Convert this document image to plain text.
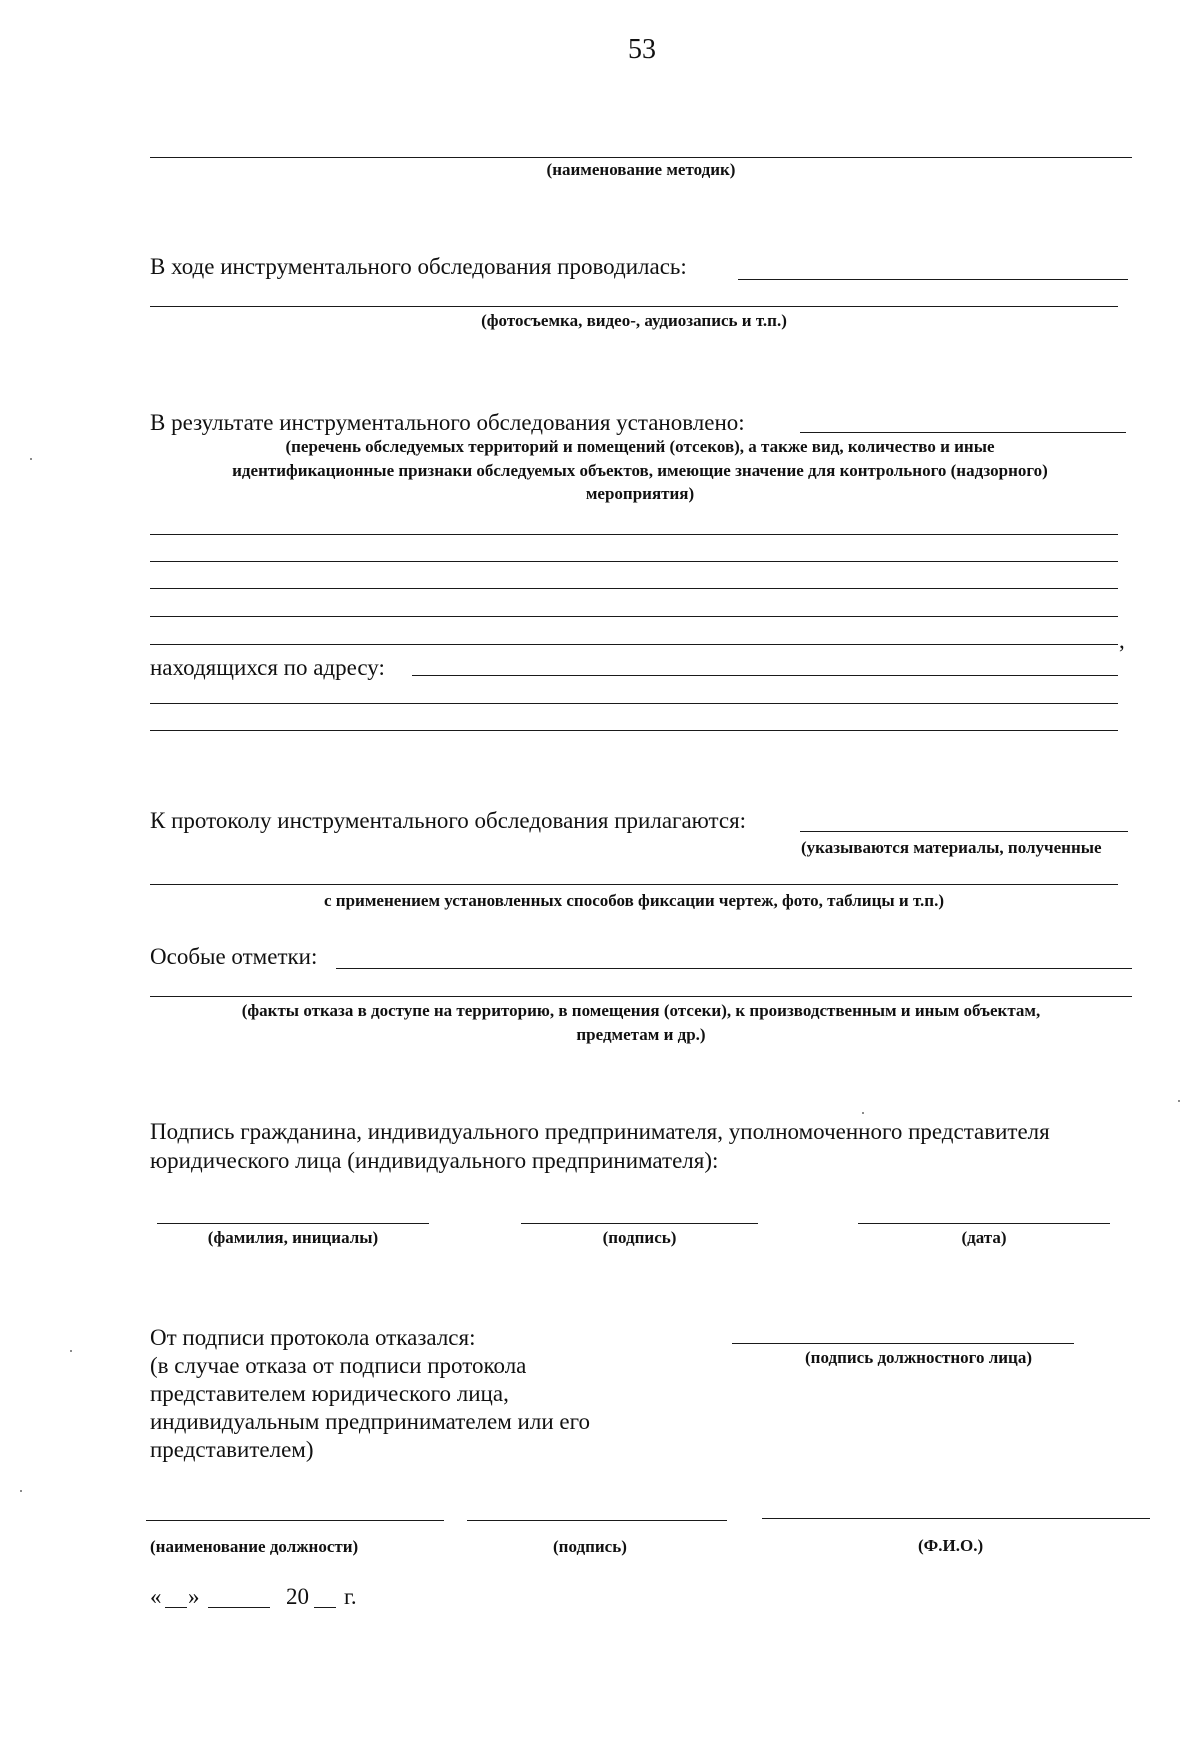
53
(наименование методик)
В ходе инструментального обследования проводилась:
(фотосъемка, видео-, аудиозапись и т.п.)
В результате инструментального обследования установлено:
(перечень обследуемых территорий и помещений (отсеков), а также вид, количество и иные
идентификационные признаки обследуемых объектов, имеющие значение для контрольного (надзорного)
мероприятия)
,
находящихся по адресу:
К протоколу инструментального обследования прилагаются:
(указываются материалы, полученные
с применением установленных способов фиксации чертеж, фото, таблицы и т.п.)
Особые отметки:
(факты отказа в доступе на территорию, в помещения (отсеки), к производственным и иным объектам,
предметам и др.)
Подпись гражданина, индивидуального предпринимателя, уполномоченного представителя
юридического лица (индивидуального предпринимателя):
(фамилия, инициалы)	(подпись)	(дата)
От подписи протокола отказался:
(в случае отказа от подписи протокола
представителем юридического лица,
индивидуальным предпринимателем или его
представителем)
(подпись должностного лица)
(наименование должности)	(подпись)	(Ф.И.О.)
« »	20 г.
